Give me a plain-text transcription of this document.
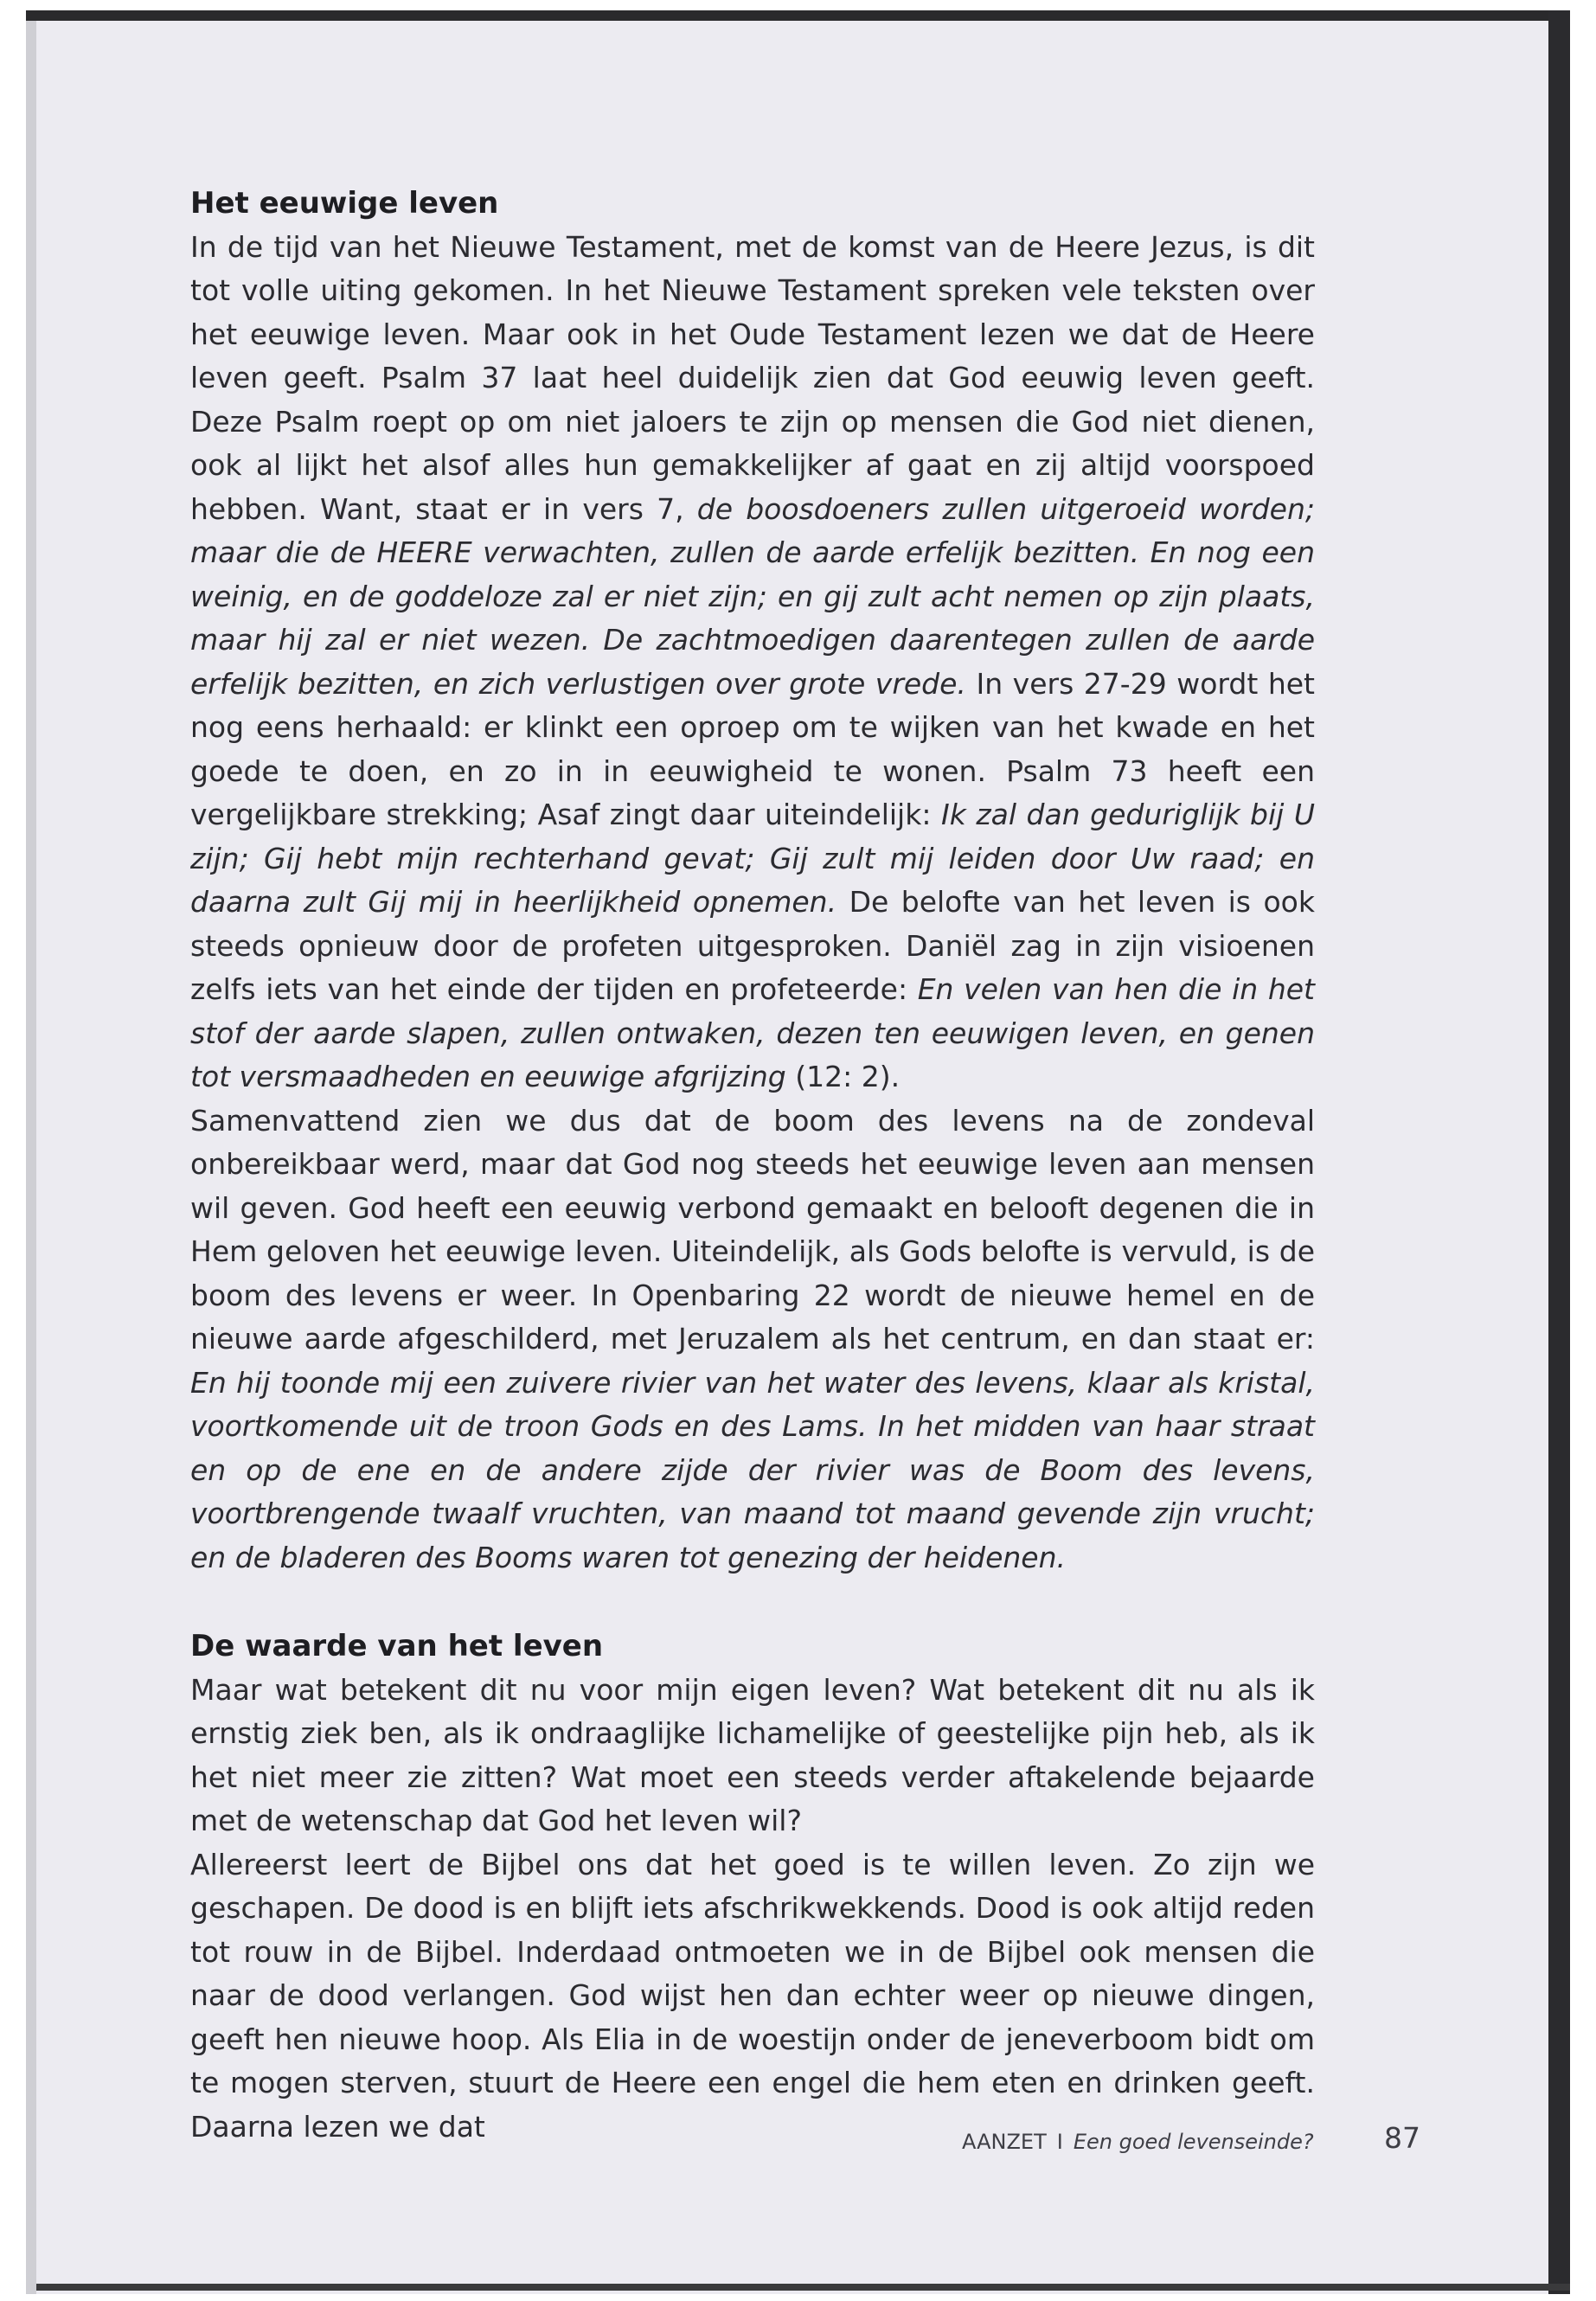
Het eeuwige leven

In de tijd van het Nieuwe Testament, met de komst van de Heere Jezus, is dit tot volle uiting gekomen. In het Nieuwe Testament spreken vele teksten over het eeuwige leven. Maar ook in het Oude Testament lezen we dat de Heere leven geeft. Psalm 37 laat heel duidelijk zien dat God eeuwig leven geeft. Deze Psalm roept op om niet jaloers te zijn op mensen die God niet dienen, ook al lijkt het alsof alles hun gemakkelijker af gaat en zij altijd voorspoed hebben. Want, staat er in vers 7, de boosdoeners zullen uitgeroeid worden; maar die de HEERE verwachten, zullen de aarde erfelijk bezitten. En nog een weinig, en de goddeloze zal er niet zijn; en gij zult acht nemen op zijn plaats, maar hij zal er niet wezen. De zachtmoedigen daarentegen zullen de aarde erfelijk bezitten, en zich verlustigen over grote vrede. In vers 27-29 wordt het nog eens herhaald: er klinkt een oproep om te wijken van het kwade en het goede te doen, en zo in in eeuwigheid te wonen. Psalm 73 heeft een vergelijkbare strekking; Asaf zingt daar uiteindelijk: Ik zal dan geduriglijk bij U zijn; Gij hebt mijn rechterhand gevat; Gij zult mij leiden door Uw raad; en daarna zult Gij mij in heerlijkheid opnemen. De belofte van het leven is ook steeds opnieuw door de profeten uitgesproken. Daniël zag in zijn visioenen zelfs iets van het einde der tijden en profeteerde: En velen van hen die in het stof der aarde slapen, zullen ontwaken, dezen ten eeuwigen leven, en genen tot versmaadheden en eeuwige afgrijzing (12: 2).

Samenvattend zien we dus dat de boom des levens na de zondeval onbereikbaar werd, maar dat God nog steeds het eeuwige leven aan mensen wil geven. God heeft een eeuwig verbond gemaakt en belooft degenen die in Hem geloven het eeuwige leven. Uiteindelijk, als Gods belofte is vervuld, is de boom des levens er weer. In Openbaring 22 wordt de nieuwe hemel en de nieuwe aarde afgeschilderd, met Jeruzalem als het centrum, en dan staat er: En hij toonde mij een zuivere rivier van het water des levens, klaar als kristal, voortkomende uit de troon Gods en des Lams. In het midden van haar straat en op de ene en de andere zijde der rivier was de Boom des levens, voortbrengende twaalf vruchten, van maand tot maand gevende zijn vrucht; en de bladeren des Booms waren tot genezing der heidenen.

De waarde van het leven

Maar wat betekent dit nu voor mijn eigen leven? Wat betekent dit nu als ik ernstig ziek ben, als ik ondraaglijke lichamelijke of geestelijke pijn heb, als ik het niet meer zie zitten? Wat moet een steeds verder aftakelende bejaarde met de wetenschap dat God het leven wil?

Allereerst leert de Bijbel ons dat het goed is te willen leven. Zo zijn we geschapen. De dood is en blijft iets afschrikwekkends. Dood is ook altijd reden tot rouw in de Bijbel. Inderdaad ontmoeten we in de Bijbel ook mensen die naar de dood verlangen. God wijst hen dan echter weer op nieuwe dingen, geeft hen nieuwe hoop. Als Elia in de woestijn onder de jeneverboom bidt om te mogen sterven, stuurt de Heere een engel die hem eten en drinken geeft. Daarna lezen we dat	AANZET I Een goed levenseinde? 87
